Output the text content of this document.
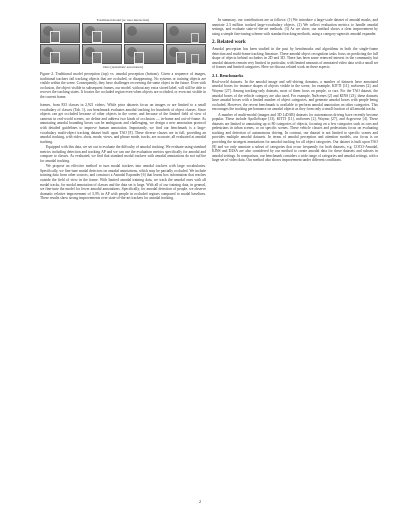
Traditional model (w/ user interaction)
Ours (Automatic association)
Figure 2. Traditional model perception (top) vs. amodal perception (bottom). Given a sequence of images, traditional trackers fail tracking objects that are occluded, or disappearing. No systems or training objects are visible within the scene. Consequently, they have challenges recovering the same object in the future. Even with occlusion, the object visible in subsequent frames, our model, without any extra stored label, will still be able to recover the tracking states. It locates the occluded region even when objects are occluded, or even not visible in the current frame.

frames, from 833 classes in 2,921 videos. While prior datasets focus on images or are limited to a small vocabulary of classes (Tab. 1), our benchmark evaluates amodal tracking for hundreds of object classes. Since objects can get occluded because of other objects in the scene, and because of the limited field of view of cameras in real-world scenes, we define and address two kinds of occlusion — in-frame and out-of-frame. As annotating amodal bounding boxes can be ambiguous and challenging, we design a new annotation protocol with detailed guidelines to improve human annotation. Importantly, we find our benchmark is a large-vocabulary multi-object tracking dataset built upon TAO [8]. These diverse classes are in full, providing an amodal tracking, with video, shots, mode, views, and phrase mode, tracks, are accurate, all evaluated at amodal tracking.

Equipped with this data, we set out to evaluate the difficulty of amodal tracking. We evaluate using standard metrics including detection and tracking AP and we can use the evaluation metrics specifically for amodal and compare to classes. As evaluated, we find that standard modal trackers with amodal annotations do not suffice for amodal tracking.

We propose an effective method to turn modal trackers into amodal trackers with large vocabularies. Specifically, we fine-tune modal detectors on amodal annotations, which may be partially occluded. We include training data from other sources, and construct a Amodal Expander [6] that learns box information that reaches outside the field of view in the frame. With limited amodal training data, we track the amodal ones with all modal tracks, for modal annotation of classes and the data set is large. With all of our training data, in general, we fine-tune the model for fewer amodal annotations. Specifically, for amodal detection of people, we observe dramatic relative improvement of 3.3% in AP with people in occluded regions compared to modal baselines. These results show strong improvements over state-of-the-art trackers for amodal tracking.

In summary, our contributions are as follows: (1) We introduce a large-scale dataset of amodal masks, and annotate 2.3 million tracked large-vocabulary objects. (2) We collect evaluation metrics to handle amodal settings, and evaluate state-of-the-art methods. (3) As we show, our method shows a clear improvement by using a simple fine-tuning scheme with standard tracking methods, using a category-agnostic amodal expander.

2. Related work

Amodal perception has been studied in the past by benchmarks and algorithms in both the single-frame detection and multi-frame tracking literature. These amodal object recognition tasks focus on predicting the full shape of objects behind occluders in 2D and 3D. There has been some renewed interest in the community but amodal datasets remain very limited, in particular, with limited amounts of annotated video data with a small set of frames and limited categories. Here we discuss related work on these aspects.

2.1. Benchmarks

Real-world datasets. In the amodal image and self-driving domains, a number of datasets have annotated amodal boxes for instance shapes of objects visible in the scene, for example, KITTI [11], nuScenes [2], and Waymo [27]. Among tracking-only datasets, most of them focus on people, or cars. For the TAO dataset, the amodal boxes of the vehicle category are also used. For example, NuScenes [2] and KINS [23], these datasets have amodal boxes with a limited number of object categories, and generate amodal boxes with people being occluded. However, the recent benchmark is available to perform amodal annotation on other categories. This encourages the tracking performance on amodal objects as they form only a small fraction of all amodal tracks.

A number of multi-modal (images and 3D LiDAR) datasets for autonomous driving have recently become popular. These include ApolloScape [13], KITTI [11], nuScenes [2], Waymo [27], and Argoverse [4]. These datasets are limited to annotating up to 80 categories of objects, focusing on a few categories such as cars and pedestrians in urban scenes, or on specific scenes. These vehicle classes and pedestrians focus on evaluating tracking and detection of autonomous driving. In contrast, our dataset is not limited to specific scenes and provides multiple amodal datasets. In terms of amodal perception and attention models, our focus is on providing the strongest annotations for amodal tracking for all object categories. Our dataset is built upon TAO [8] and we only annotate a subset of categories that occur frequently for both datasets, e.g. COCO-Amodal, KINS and D2SA are also considered by our method to create amodal data for these datasets and subsets in amodal settings. In comparison, our benchmark considers a wide range of categories and amodal settings, with a large set of video data. Our method also shows improvement under different conditions.

2
